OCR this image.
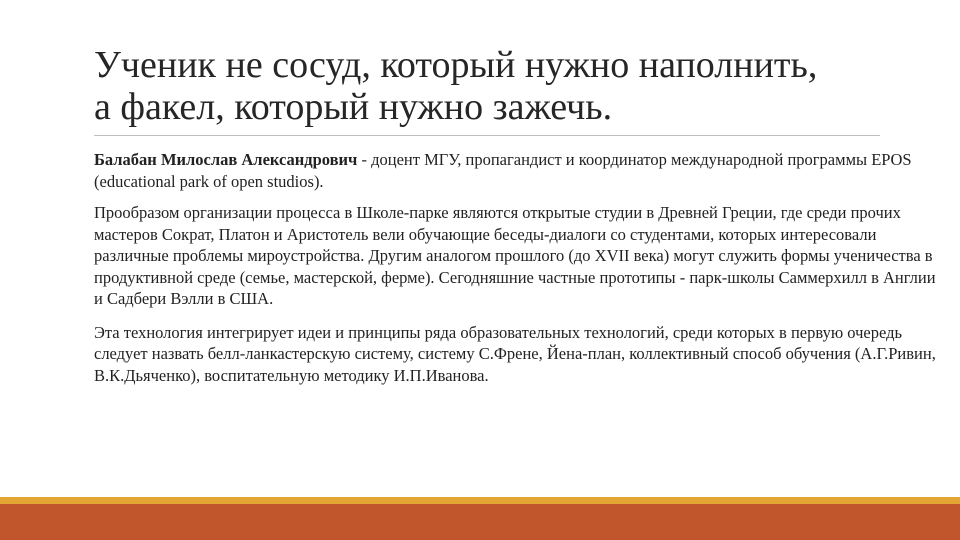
Ученик не сосуд, который нужно наполнить,
а факел, который нужно зажечь.

Балабан Милослав Александрович - доцент МГУ, пропагандист и координатор международной программы EPOS (educational park of open studios).

Прообразом организации процесса в Школе-парке являются открытые студии в Древней Греции, где среди прочих мастеров Сократ, Платон и Аристотель вели обучающие беседы-диалоги со студентами, которых интересовали различные проблемы мироустройства. Другим аналогом прошлого (до XVII века) могут служить формы ученичества в продуктивной среде (семье, мастерской, ферме). Сегодняшние частные прототипы - парк-школы Саммерхилл в Англии и Садбери Вэлли в США.

Эта технология интегрирует идеи и принципы ряда образовательных технологий, среди которых в первую очередь следует назвать белл-ланкастерскую систему, систему С.Френе, Йена-план, коллективный способ обучения (А.Г.Ривин, В.К.Дьяченко), воспитательную методику И.П.Иванова.
